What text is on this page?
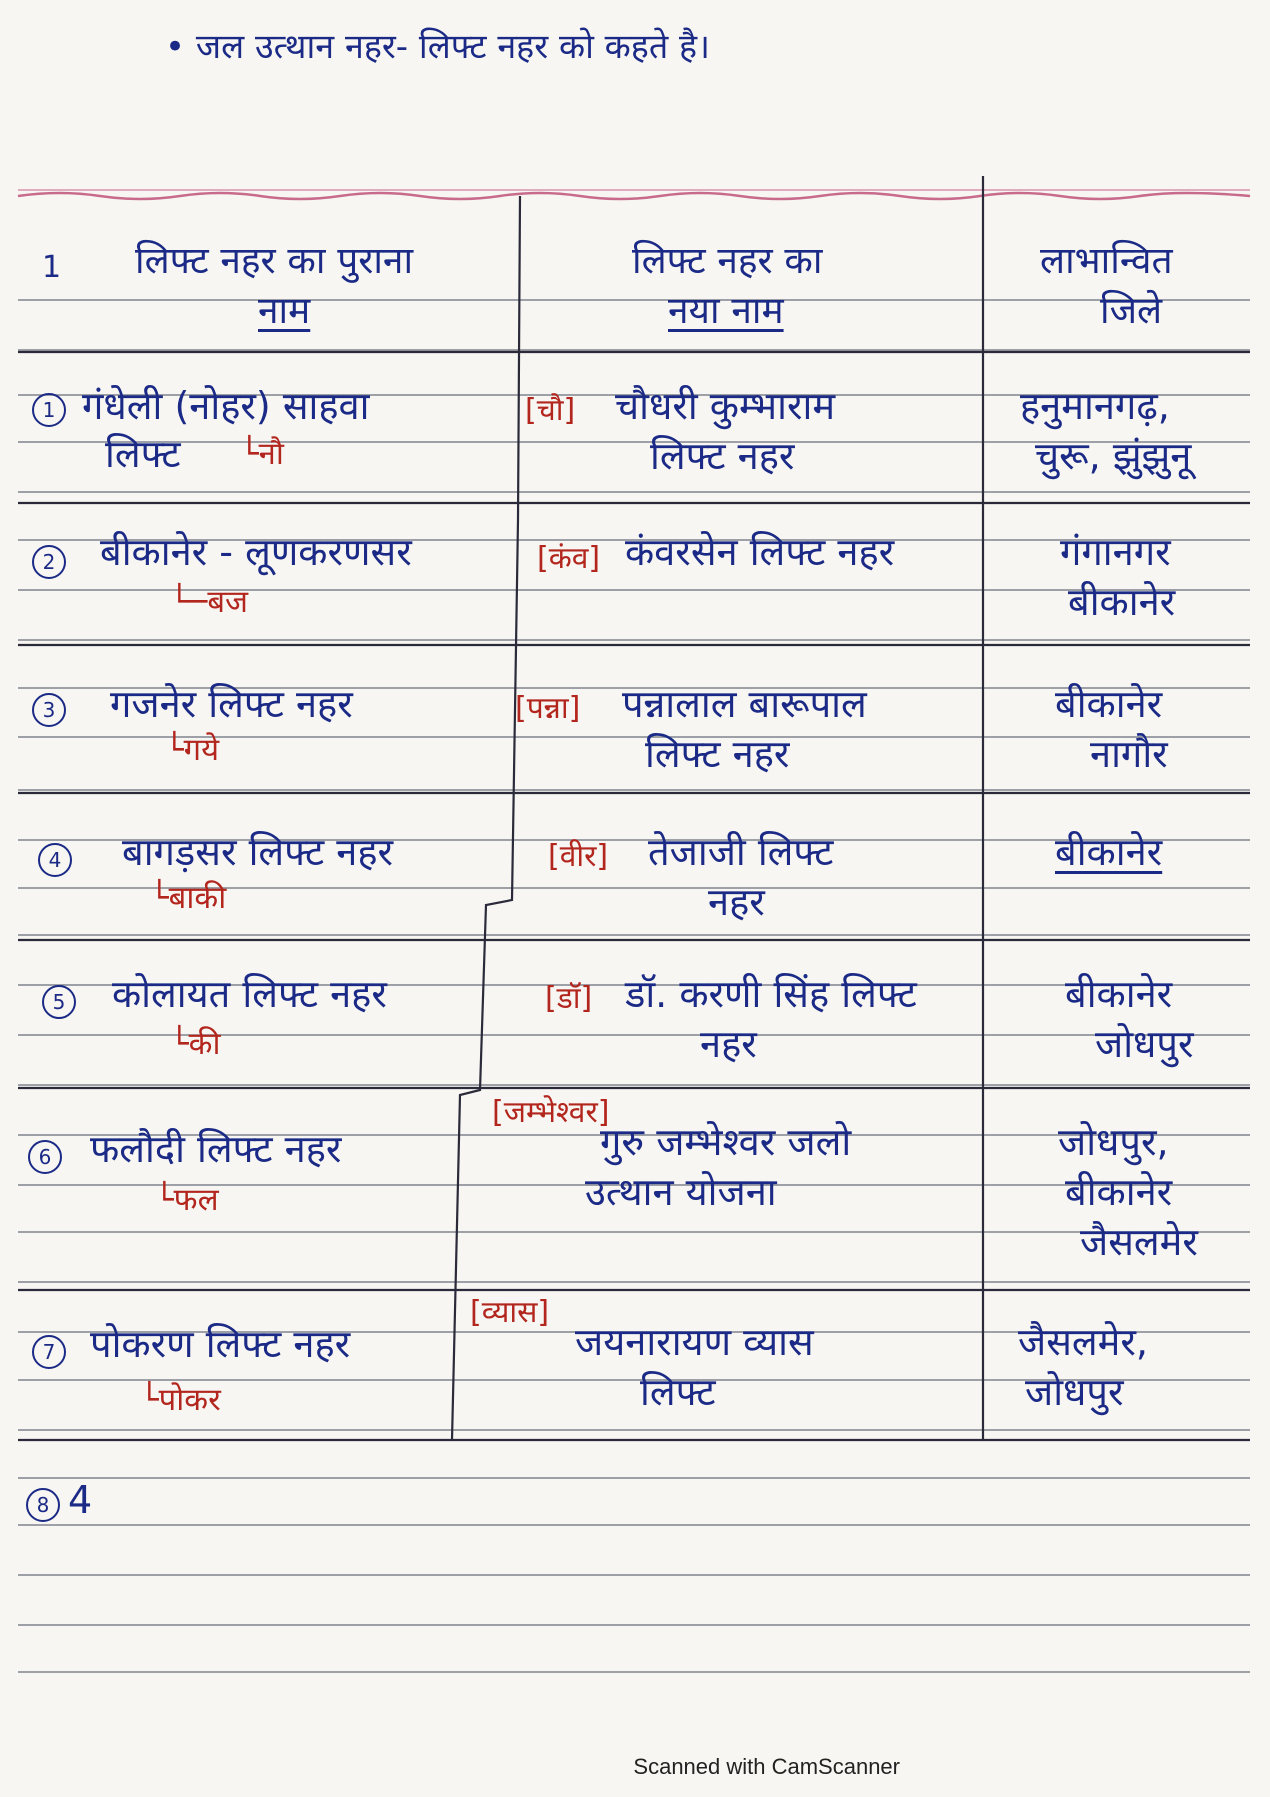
• जल उत्थान नहर- लिफ्ट नहर को कहते है।
1 लिफ्ट नहर का पुराना
नाम
लिफ्ट नहर का
नया नाम
लाभान्वित
जिले
1 गंधेली (नोहर) साहवा
लिफ्ट └नौ
[चौ] चौधरी कुम्भाराम
लिफ्ट नहर
हनुमानगढ़,
चुरू, झुंझुनू
2 बीकानेर - लूणकरणसर
└─बज
[कंव] कंवरसेन लिफ्ट नहर	गंगानगर
बीकानेर
3 गजनेर लिफ्ट नहर
└गये
[पन्ना] पन्नालाल बारूपाल
लिफ्ट नहर
बीकानेर
नागौर
4 बागड़सर लिफ्ट नहर
└बाकी
[वीर] तेजाजी लिफ्ट
नहर
बीकानेर
5 कोलायत लिफ्ट नहर
└की
[डॉ] डॉ. करणी सिंह लिफ्ट
नहर
बीकानेर
जोधपुर
6 फलौदी लिफ्ट नहर
└फल
[जम्भेश्वर]
गुरु जम्भेश्वर जलो
उत्थान योजना
जोधपुर,
बीकानेर
जैसलमेर
7 पोकरण लिफ्ट नहर
└पोकर
[व्यास]
जयनारायण व्यास
लिफ्ट
जैसलमेर,
जोधपुर
8 4
Scanned with CamScanner
